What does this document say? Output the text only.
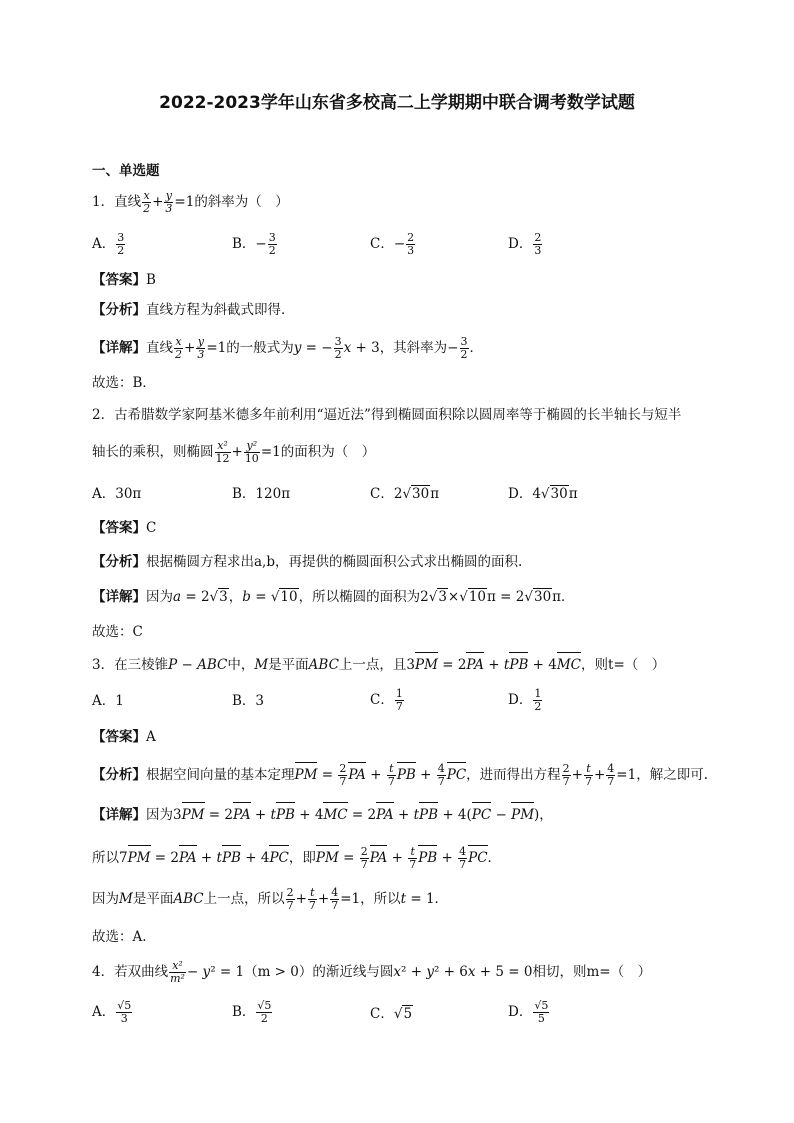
2022-2023学年山东省多校高二上学期期中联合调考数学试题
一、单选题
1．直线 $\frac{x}{2} + \frac{y}{3} =1$的斜率为（　）
A． $\frac{3}{2}$	B．− $\frac{3}{2}$	C．− $\frac{2}{3}$	D． $\frac{2}{3}$
【答案】B
【分析】直线方程为斜截式即得．
【详解】直线 $\frac{x}{2} + \frac{y}{3} =1$的一般式为y = − $\frac{3}{2}$ x + 3，其斜率为− $\frac{3}{2}$ ．
故选：B．
2．古希腊数学家阿基米德多年前利用“逼近法”得到椭圆面积除以圆周率等于椭圆的长半轴长与短半
轴长的乘积，则椭圆 $\frac{\text{x²}}{12} + \frac{\text{y²}}{10} =1$的面积为（　）
A．30π	B．120π	C．2√30π	D．4√30π
【答案】C
【分析】根据椭圆方程求出a,b，再提供的椭圆面积公式求出椭圆的面积.
【详解】因为a = 2√3，b = √10，所以椭圆的面积为2√3×√10π = 2√30π．
故选：C
3．在三棱锥P − ABC中，M是平面ABC上一点，且3PM = 2PA + tPB + 4MC，则t=（　）
A．1	B．3	C． $\frac{1}{7}$	D． $\frac{1}{2}$
【答案】A
【分析】根据空间向量的基本定理PM = $\frac{2}{7}$ PA + $\frac{t}{7}$ PB + $\frac{4}{7}$ PC，进而得出方程 $\frac{2}{7} + \frac{t}{7} + \frac{4}{7} =1$，解之即可.
【详解】因为3PM = 2PA + tPB + 4MC = 2PA + tPB + 4(PC − PM)，
所以7PM = 2PA + tPB + 4PC，即PM = $\frac{2}{7}$ PA + $\frac{t}{7}$ PB + $\frac{4}{7}$ PC．
因为M是平面ABC上一点，所以 $\frac{2}{7} + \frac{t}{7} + \frac{4}{7} =1$，所以t = 1．
故选：A.
4．若双曲线 $\frac{\text{x²}}{\text{m²}} - y^2 = 1(m > 0)$的渐近线与圆x² + y² + 6x + 5 = 0相切，则m=（　）
A． $\frac{√5}{3}$	B． $\frac{√5}{2}$	C．√5	D． $\frac{√5}{5}$
